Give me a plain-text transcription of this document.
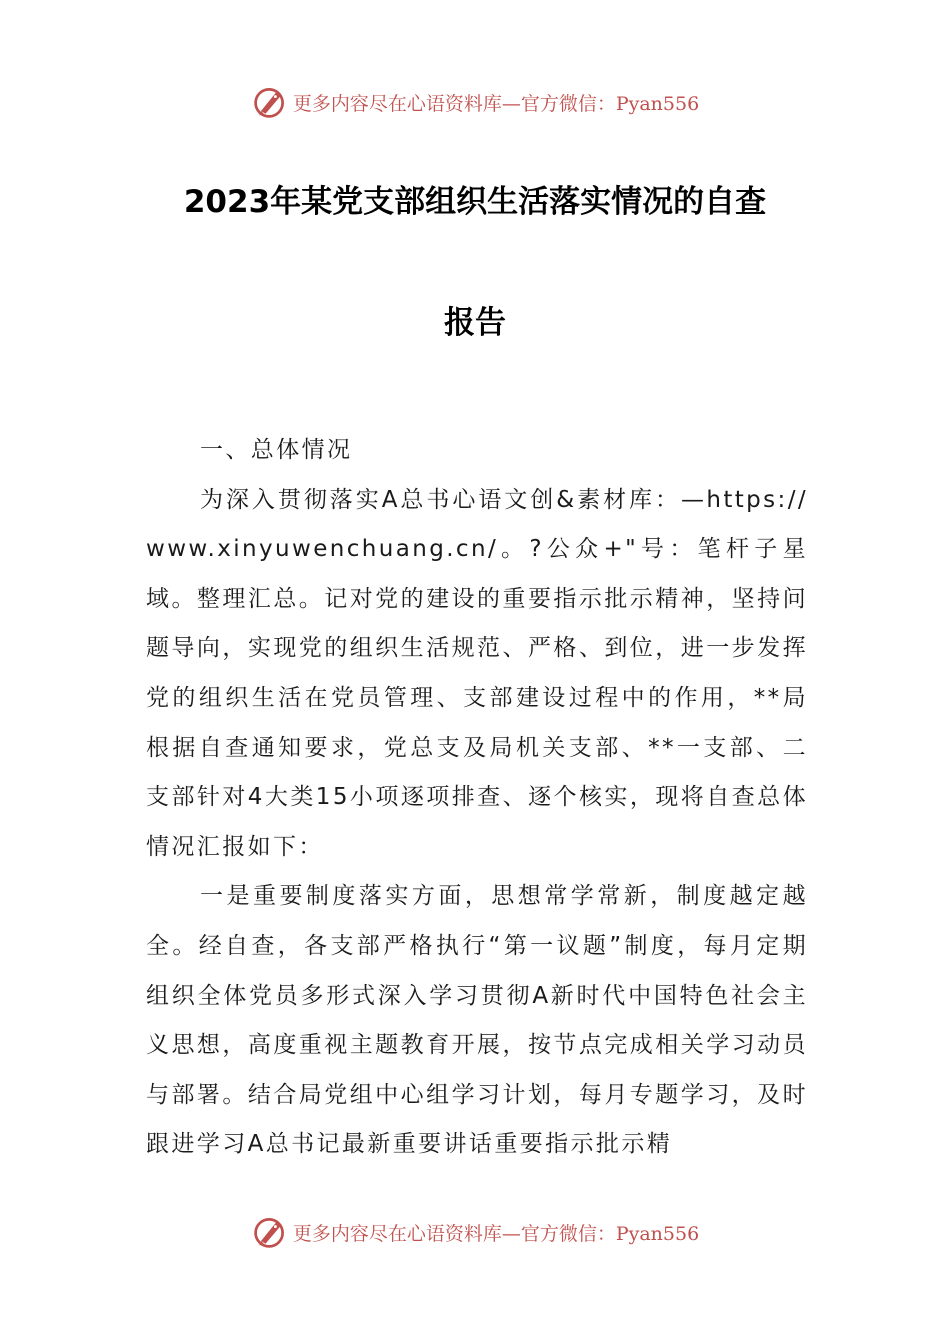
更多内容尽在心语资料库—官方微信：Pyan556
2023年某党支部组织生活落实情况的自查
报告

一、总体情况

为深入贯彻落实A总书心语文创&素材库：—https://www.xinyuwenchuang.cn/。?公众+"号：笔杆子星域。整理汇总。记对党的建设的重要指示批示精神，坚持问题导向，实现党的组织生活规范、严格、到位，进一步发挥党的组织生活在党员管理、支部建设过程中的作用，**局根据自查通知要求，党总支及局机关支部、**一支部、二支部针对4大类15小项逐项排查、逐个核实，现将自查总体情况汇报如下：

一是重要制度落实方面，思想常学常新，制度越定越全。经自查，各支部严格执行“第一议题”制度，每月定期组织全体党员多形式深入学习贯彻A新时代中国特色社会主义思想，高度重视主题教育开展，按节点完成相关学习动员与部署。结合局党组中心组学习计划，每月专题学习，及时跟进学习A总书记最新重要讲话重要指示批示精

更多内容尽在心语资料库—官方微信：Pyan556
